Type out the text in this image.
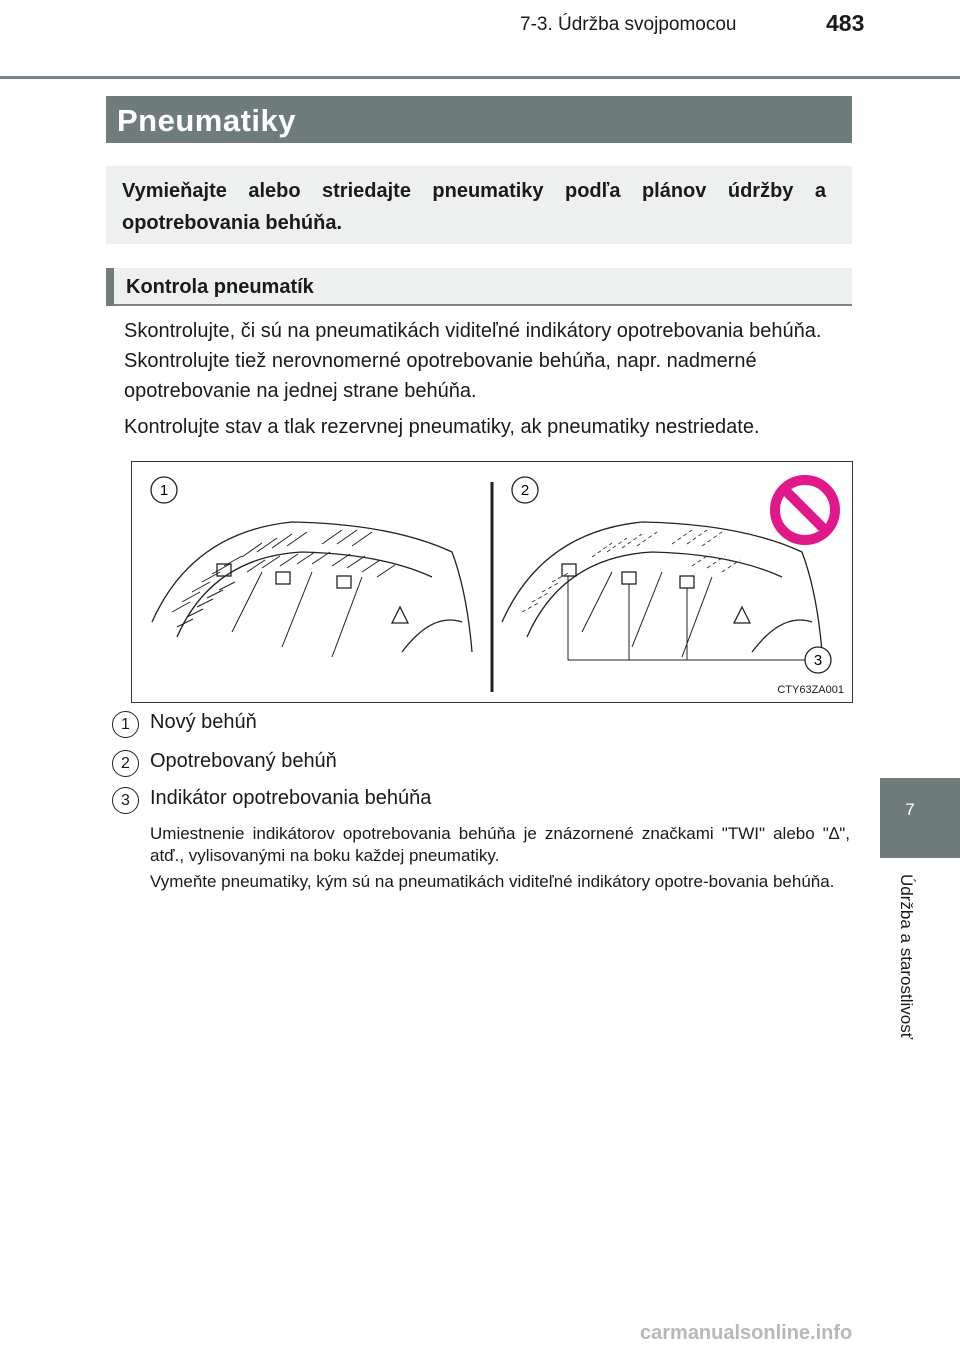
7-3. Údržba svojpomocou	483
Pneumatiky
Vymieňajte alebo striedajte pneumatiky podľa plánov údržby a opotrebovania behúňa.
Kontrola pneumatík
Skontrolujte, či sú na pneumatikách viditeľné indikátory opotrebovania behúňa. Skontrolujte tiež nerovnomerné opotrebovanie behúňa, napr. nadmerné opotrebovanie na jednej strane behúňa.
Kontrolujte stav a tlak rezervnej pneumatiky, ak pneumatiky nestriedate.
1	2
3
CTY63ZA001
1	Nový behúň
2	Opotrebovaný behúň
3	Indikátor opotrebovania behúňa
Umiestnenie indikátorov opotrebovania behúňa je znázornené značkami "TWI" alebo "∆", atď., vylisovanými na boku každej pneumatiky.
Vymeňte pneumatiky, kým sú na pneumatikách viditeľné indikátory opotre-bovania behúňa.
7
Údržba a starostlivosť
carmanualsonline.info
